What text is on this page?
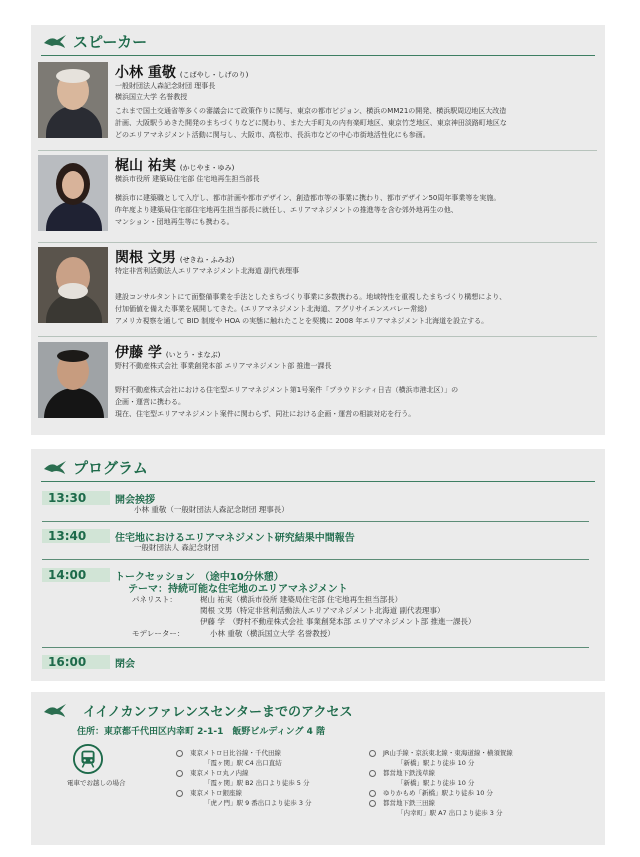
スピーカー
小林 重敬 (こばやし・しげのり)
一般財団法人森記念財団 理事長
横浜国立大学 名誉教授
これまで国土交通省等多くの審議会にて政策作りに関与、東京の都市ビジョン、横浜のMM21の開発、横浜駅周辺地区大改造
計画、大阪駅うめきた開発のまちづくりなどに関わり、また大手町丸の内有楽町地区、東京竹芝地区、東京神田淡路町地区な
どのエリアマネジメント活動に関与し、大阪市、高松市、長浜市などの中心市街地活性化にも参画。
梶山 祐実 (かじやま・ゆみ)
横浜市役所 建築局住宅部 住宅地再生担当部長
横浜市に建築職として入庁し、都市計画や都市デザイン、創造都市等の事業に携わり、都市デザイン50周年事業等を実施。
昨年度より建築局住宅部住宅地再生担当部長に就任し、エリアマネジメントの推進等を含む郊外地再生の他、
マンション・団地再生等にも携わる。
関根 文男 (せきね・ふみお)
特定非営利活動法人エリアマネジメント北海道 副代表理事
建設コンサルタントにて面整備事業を手法としたまちづくり事業に多数携わる。地域特性を重視したまちづくり構想により、
付加価値を備えた事業を展開してきた。(エリアマネジメント北海道、アグリサイエンスバレー常総)
アメリカ視察を通して BID 制度や HOA の実態に触れたことを契機に 2008 年エリアマネジメント北海道を設立する。
伊藤 学 (いとう・まなぶ)
野村不動産株式会社 事業創発本部 エリアマネジメント部 推進一課長
野村不動産株式会社における住宅型エリアマネジメント第1号案件「プラウドシティ日吉（横浜市港北区）」の
企画・運営に携わる。
現在、住宅型エリアマネジメント案件に関わらず、同社における企画・運営の相談対応を行う。
プログラム
13:30	開会挨拶
小林 重敬（一般財団法人森記念財団 理事長）
13:40	住宅地におけるエリアマネジメント研究結果中間報告
一般財団法人 森記念財団
14:00	トークセッション　（途中10分休憩）
テーマ：持続可能な住宅地のエリアマネジメント
パネリスト：	梶山 祐実（横浜市役所 建築局住宅部 住宅地再生担当部長）
関根 文男（特定非営利活動法人エリアマネジメント北海道 副代表理事）
伊藤 学　（野村不動産株式会社 事業創発本部 エリアマネジメント部 推進一課長）
モデレーター：	小林 重敬（横浜国立大学 名誉教授）
16:00	閉会
イイノカンファレンスセンターまでのアクセス
住所：東京都千代田区内幸町 2-1-1　飯野ビルディング 4 階
電車でお越しの場合
東京メトロ日比谷線・千代田線
「霞ヶ関」駅 C4 出口直結
東京メトロ丸ノ内線
「霞ヶ関」駅 B2 出口より徒歩 5 分
東京メトロ銀座線
「虎ノ門」駅 9 番出口より徒歩 3 分
JR山手線・京浜東北線・東海道線・横須賀線
「新橋」駅より徒歩 10 分
都営地下鉄浅草線
「新橋」駅より徒歩 10 分
ゆりかもめ「新橋」駅より徒歩 10 分
都営地下鉄三田線
「内幸町」駅 A7 出口より徒歩 3 分
